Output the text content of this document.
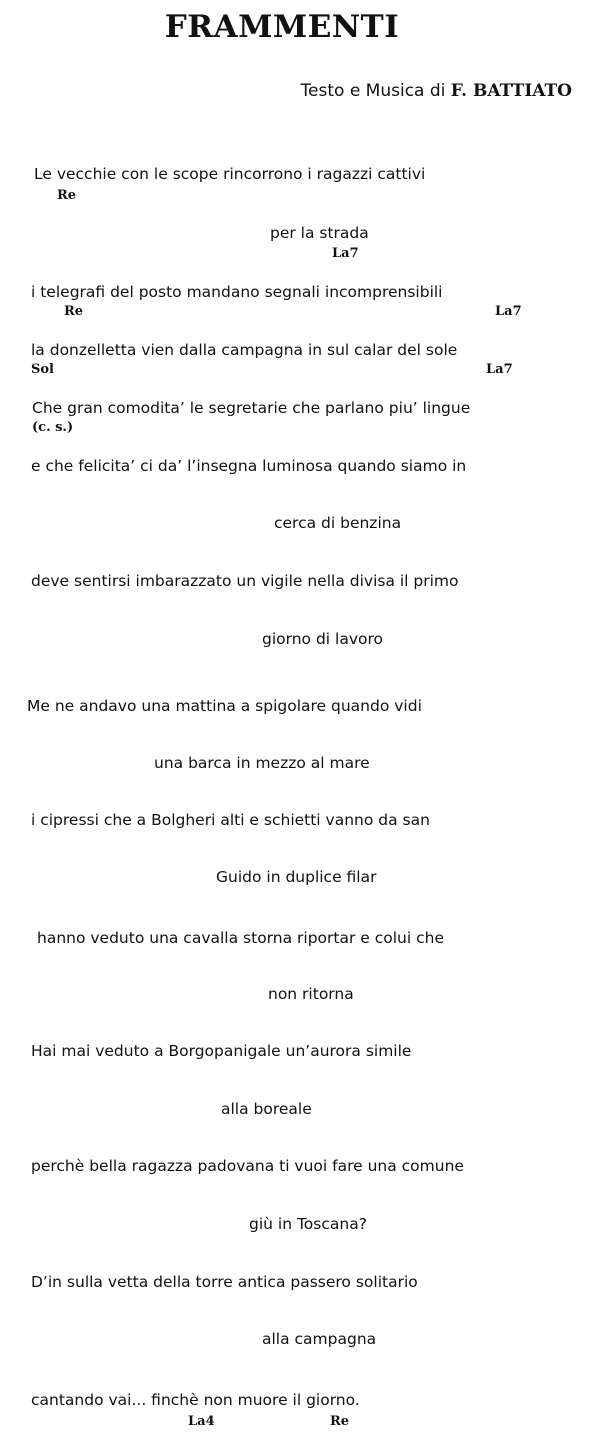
FRAMMENTI
Testo e Musica di F. BATTIATO

Le vecchie con le scope rincorrono i ragazzi cattivi

Re

per la strada

La7

i telegrafi del posto mandano segnali incomprensibili

Re	La7

la donzelletta vien dalla campagna in sul calar del sole

Sol	La7

Che gran comodita’ le segretarie che parlano piu’ lingue

(c. s.)

e che felicita’ ci da’ l’insegna luminosa quando siamo in

cerca di benzina

deve sentirsi imbarazzato un vigile nella divisa il primo

giorno di lavoro

Me ne andavo una mattina a spigolare quando vidi

una barca in mezzo al mare

i cipressi che a Bolgheri alti e schietti vanno da san

Guido in duplice filar

hanno veduto una cavalla storna riportar e colui che

non ritorna

Hai mai veduto a Borgopanigale un’aurora simile

alla boreale

perchè bella ragazza padovana ti vuoi fare una comune

giù in Toscana?

D’in sulla vetta della torre antica passero solitario

alla campagna

cantando vai... finchè non muore il giorno.

La4	Re
